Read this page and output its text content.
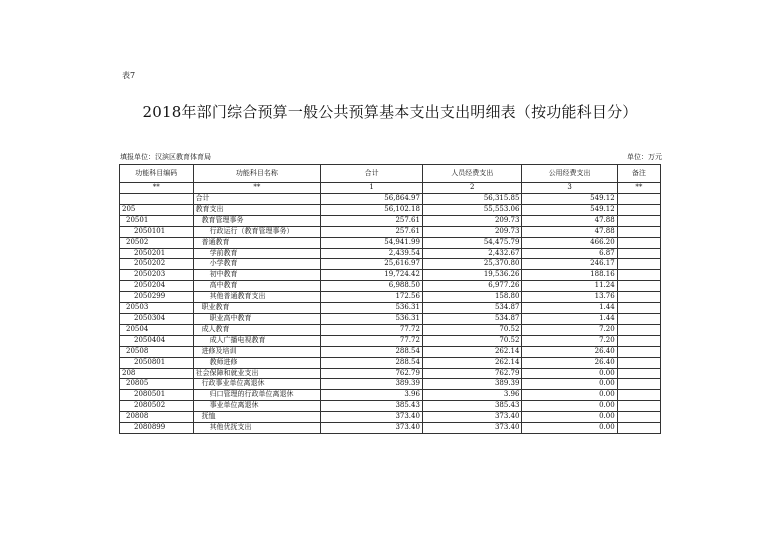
表7
2018年部门综合预算一般公共预算基本支出支出明细表（按功能科目分）
填报单位：汉滨区教育体育局	单位：万元
功能科目编码	功能科目名称	合计	人员经费支出	公用经费支出	备注
**	**	1	2	3	**
	合计	56,864.97	56,315.85	549.12	
205	教育支出	56,102.18	55,553.06	549.12	
20501	教育管理事务	257.61	209.73	47.88	
2050101	行政运行（教育管理事务）	257.61	209.73	47.88	
20502	普通教育	54,941.99	54,475.79	466.20	
2050201	学前教育	2,439.54	2,432.67	6.87	
2050202	小学教育	25,616.97	25,370.80	246.17	
2050203	初中教育	19,724.42	19,536.26	188.16	
2050204	高中教育	6,988.50	6,977.26	11.24	
2050299	其他普通教育支出	172.56	158.80	13.76	
20503	职业教育	536.31	534.87	1.44	
2050304	职业高中教育	536.31	534.87	1.44	
20504	成人教育	77.72	70.52	7.20	
2050404	成人广播电视教育	77.72	70.52	7.20	
20508	进修及培训	288.54	262.14	26.40	
2050801	教师进修	288.54	262.14	26.40	
208	社会保障和就业支出	762.79	762.79	0.00	
20805	行政事业单位离退休	389.39	389.39	0.00	
2080501	归口管理的行政单位离退休	3.96	3.96	0.00	
2080502	事业单位离退休	385.43	385.43	0.00	
20808	抚恤	373.40	373.40	0.00	
2080899	其他优抚支出	373.40	373.40	0.00	
